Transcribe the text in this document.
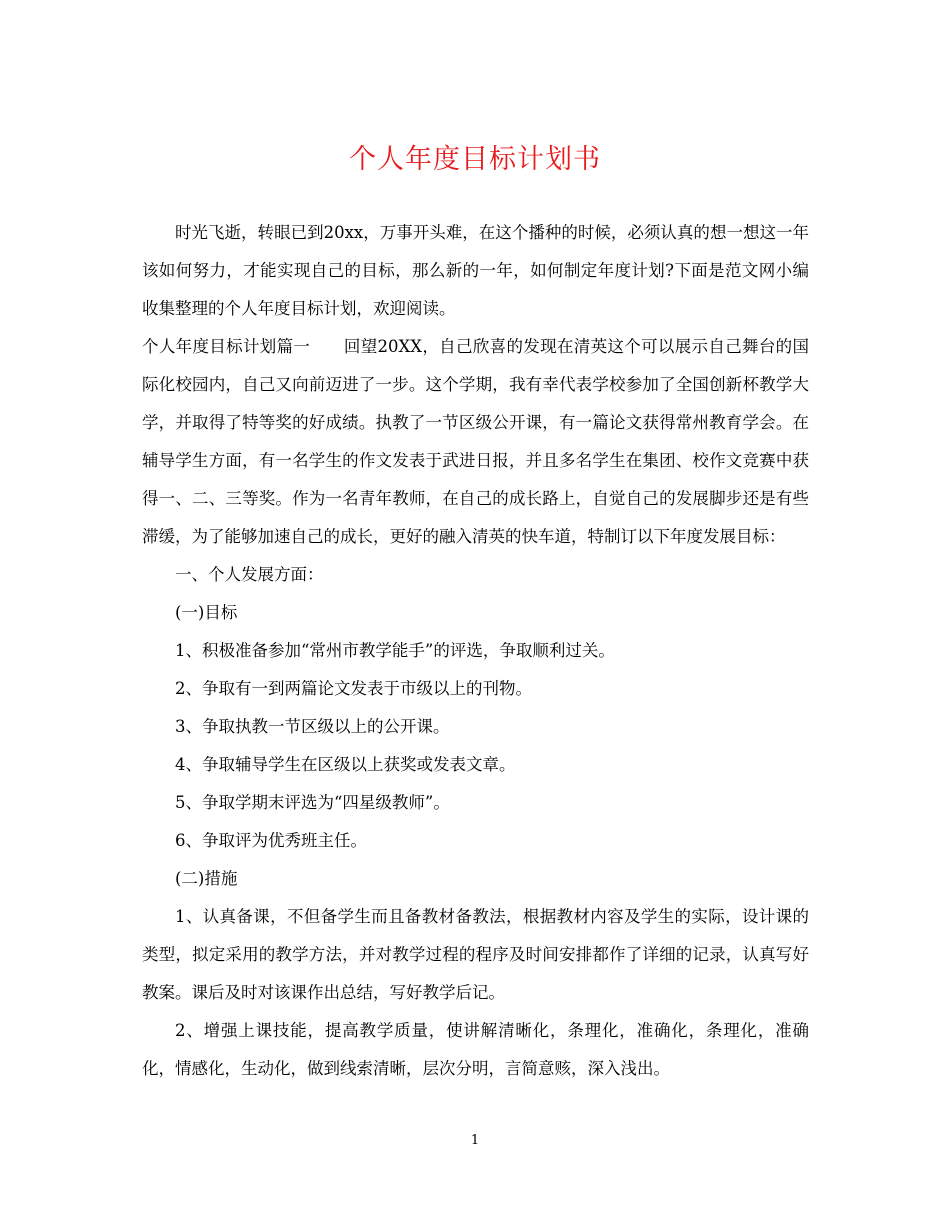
个人年度目标计划书

时光飞逝，转眼已到20xx，万事开头难，在这个播种的时候，必须认真的想一想这一年该如何努力，才能实现自己的目标，那么新的一年，如何制定年度计划?下面是范文网小编收集整理的个人年度目标计划，欢迎阅读。

个人年度目标计划篇一　　回望20XX，自己欣喜的发现在清英这个可以展示自己舞台的国际化校园内，自己又向前迈进了一步。这个学期，我有幸代表学校参加了全国创新杯教学大学，并取得了特等奖的好成绩。执教了一节区级公开课，有一篇论文获得常州教育学会。在辅导学生方面，有一名学生的作文发表于武进日报，并且多名学生在集团、校作文竞赛中获得一、二、三等奖。作为一名青年教师，在自己的成长路上，自觉自己的发展脚步还是有些滞缓，为了能够加速自己的成长，更好的融入清英的快车道，特制订以下年度发展目标：

一、个人发展方面：

(一)目标

1、积极准备参加“常州市教学能手”的评选，争取顺利过关。

2、争取有一到两篇论文发表于市级以上的刊物。

3、争取执教一节区级以上的公开课。

4、争取辅导学生在区级以上获奖或发表文章。

5、争取学期末评选为“四星级教师”。

6、争取评为优秀班主任。

(二)措施

1、认真备课，不但备学生而且备教材备教法，根据教材内容及学生的实际，设计课的类型，拟定采用的教学方法，并对教学过程的程序及时间安排都作了详细的记录，认真写好教案。课后及时对该课作出总结，写好教学后记。

2、增强上课技能，提高教学质量，使讲解清晰化，条理化，准确化，条理化，准确化，情感化，生动化，做到线索清晰，层次分明，言简意赅，深入浅出。

1
